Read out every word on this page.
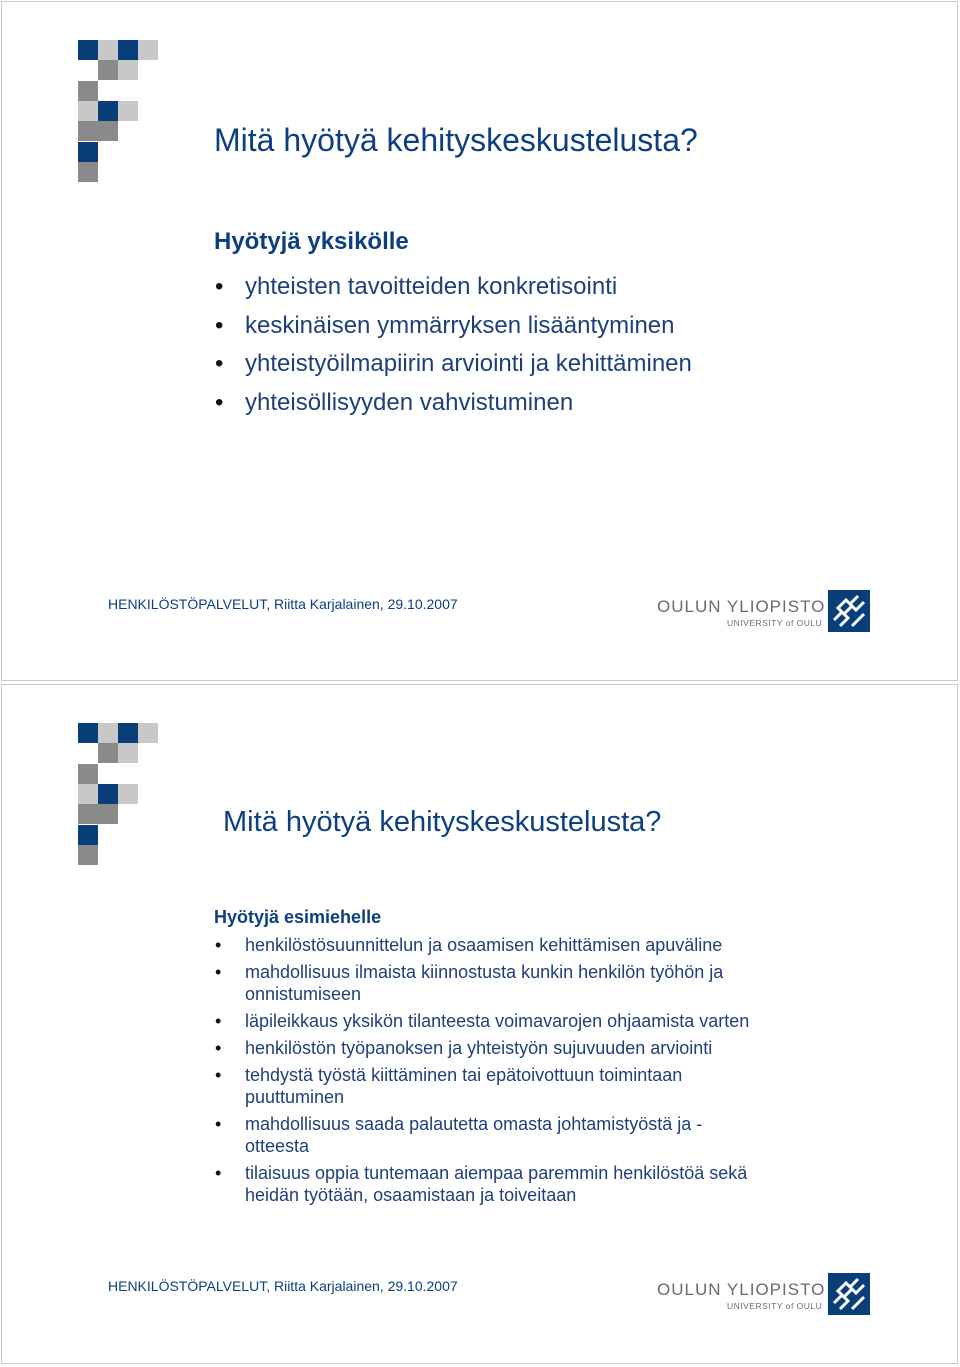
Mitä hyötyä kehityskeskustelusta?
Hyötyjä yksikölle
• yhteisten tavoitteiden konkretisointi
• keskinäisen ymmärryksen lisääntyminen
• yhteistyöilmapiirin arviointi ja kehittäminen
• yhteisöllisyyden vahvistuminen
HENKILÖSTÖPALVELUT, Riitta Karjalainen, 29.10.2007	OULUN YLIOPISTO
UNIVERSITY of OULU
Mitä hyötyä kehityskeskustelusta?
Hyötyjä esimiehelle
• henkilöstösuunnittelun ja osaamisen kehittämisen apuväline
• mahdollisuus ilmaista kiinnostusta kunkin henkilön työhön ja onnistumiseen
• läpileikkaus yksikön tilanteesta voimavarojen ohjaamista varten
• henkilöstön työpanoksen ja yhteistyön sujuvuuden arviointi
• tehdystä työstä kiittäminen tai epätoivottuun toimintaan puuttuminen
• mahdollisuus saada palautetta omasta johtamistyöstä ja -otteesta
• tilaisuus oppia tuntemaan aiempaa paremmin henkilöstöä sekä heidän työtään, osaamistaan ja toiveitaan
HENKILÖSTÖPALVELUT, Riitta Karjalainen, 29.10.2007	OULUN YLIOPISTO
UNIVERSITY of OULU
